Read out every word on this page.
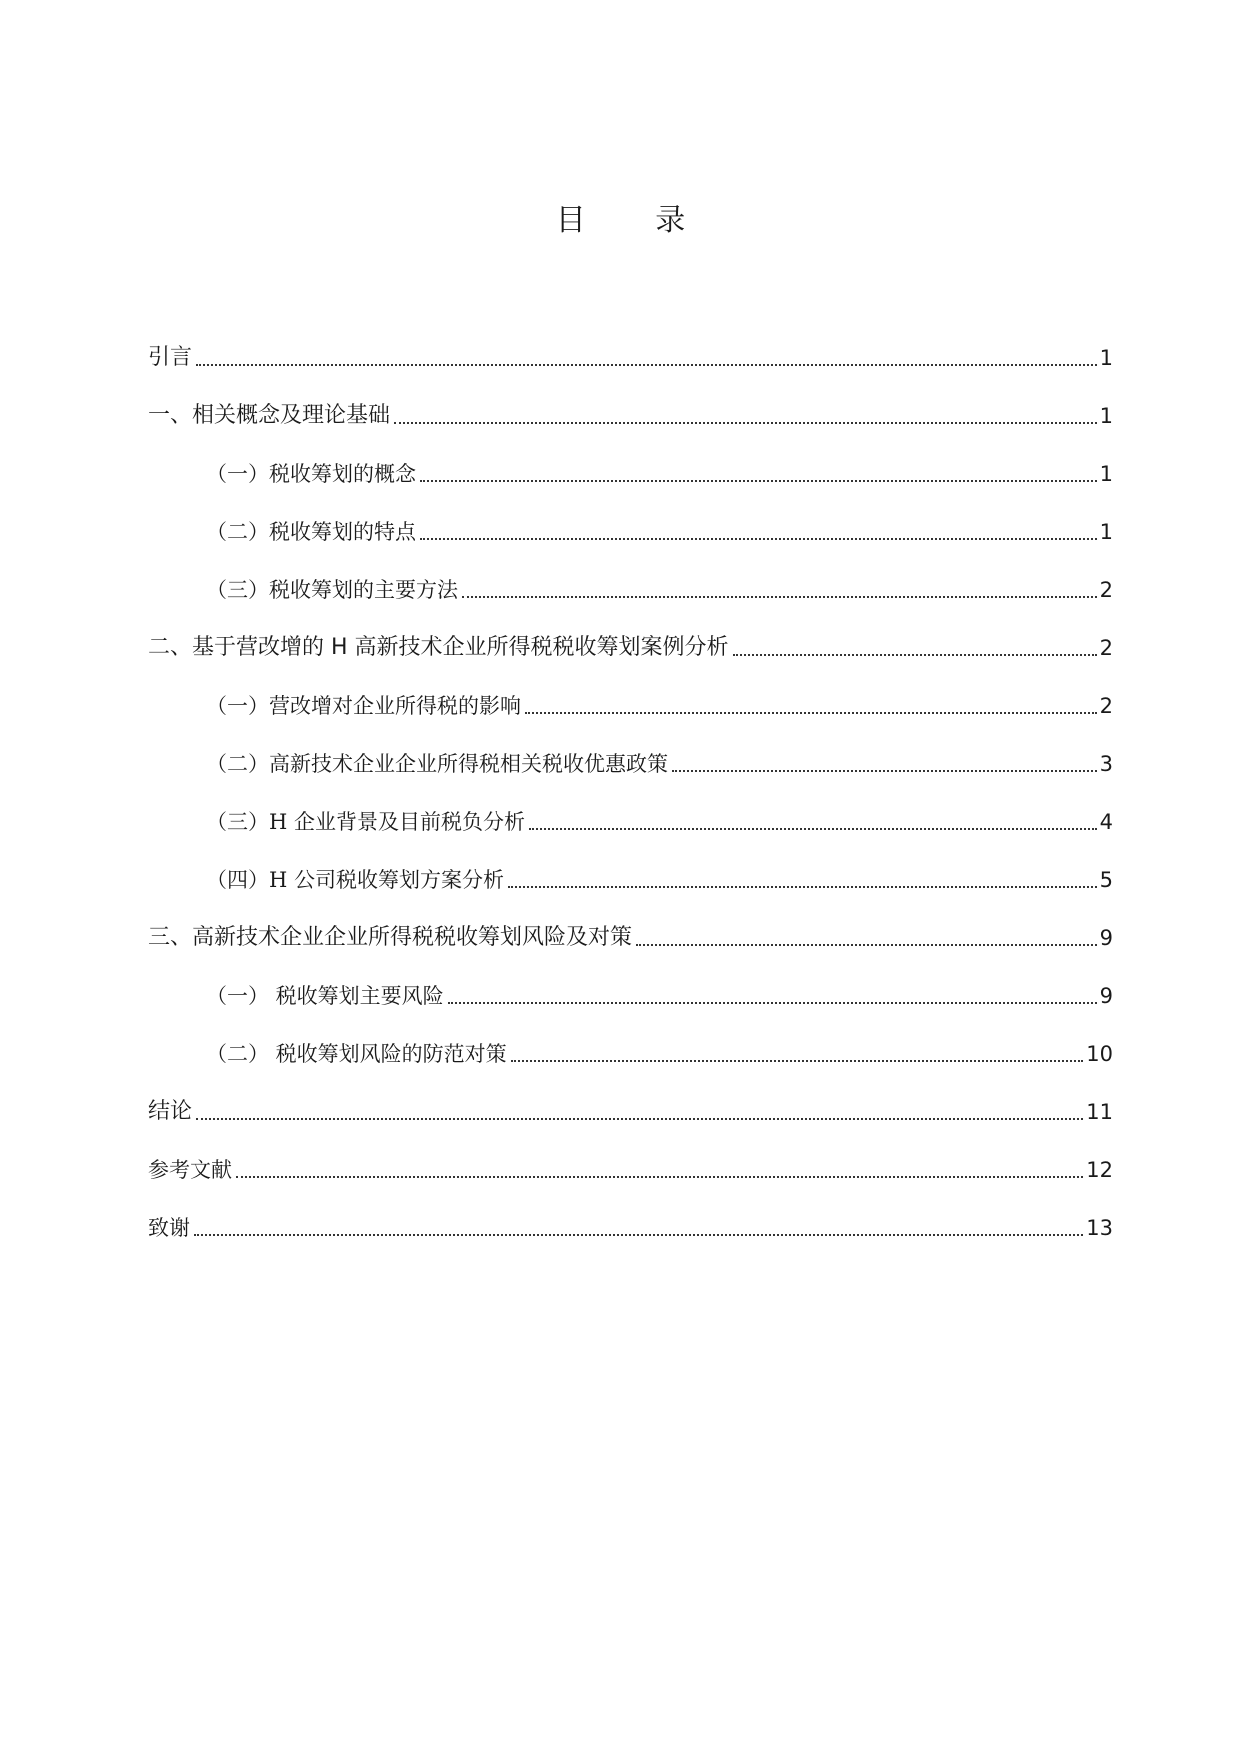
目 录
引言	1
一、相关概念及理论基础	1
（一）税收筹划的概念	1
（二）税收筹划的特点	1
（三）税收筹划的主要方法	2
二、基于营改增的 H 高新技术企业所得税税收筹划案例分析	2
（一）营改增对企业所得税的影响	2
（二）高新技术企业企业所得税相关税收优惠政策	3
（三）H 企业背景及目前税负分析	4
（四）H 公司税收筹划方案分析	5
三、高新技术企业企业所得税税收筹划风险及对策	9
（一） 税收筹划主要风险	9
（二） 税收筹划风险的防范对策	10
结论	11
参考文献	12
致谢	13
